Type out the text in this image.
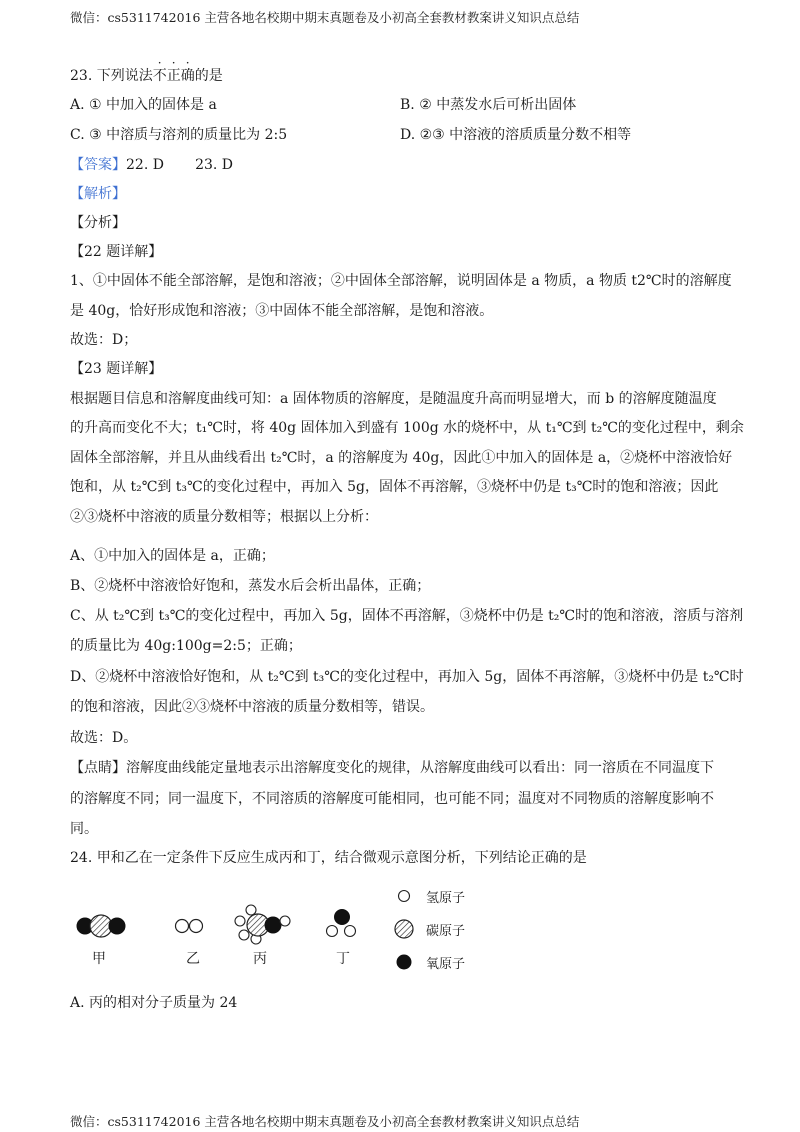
微信：cs5311742016 主营各地名校期中期末真题卷及小初高全套教材教案讲义知识点总结
23. 下列说法
·
不
·
正
·
确的是
A. ① 中加入的固体是 a	B. ② 中蒸发水后可析出固体
C. ③ 中溶质与溶剂的质量比为 2:5	D. ②③ 中溶液的溶质质量分数不相等
【答案】22. D       23. D
【解析】
【分析】
【22 题详解】
1、①中固体不能全部溶解，是饱和溶液；②中固体全部溶解，说明固体是 a 物质，a 物质 t2℃时的溶解度
是 40g，恰好形成饱和溶液；③中固体不能全部溶解，是饱和溶液。
故选：D；
【23 题详解】
根据题目信息和溶解度曲线可知：a 固体物质的溶解度，是随温度升高而明显增大，而 b 的溶解度随温度
的升高而变化不大；t₁℃时，将 40g 固体加入到盛有 100g 水的烧杯中，从 t₁℃到 t₂℃的变化过程中，剩余
固体全部溶解，并且从曲线看出 t₂℃时，a 的溶解度为 40g，因此①中加入的固体是 a，②烧杯中溶液恰好
饱和，从 t₂℃到 t₃℃的变化过程中，再加入 5g，固体不再溶解，③烧杯中仍是 t₃℃时的饱和溶液；因此
②③烧杯中溶液的质量分数相等；根据以上分析：
A、①中加入的固体是 a，正确；
B、②烧杯中溶液恰好饱和，蒸发水后会析出晶体，正确；
C、从 t₂℃到 t₃℃的变化过程中，再加入 5g，固体不再溶解，③烧杯中仍是 t₂℃时的饱和溶液，溶质与溶剂
的质量比为 40g:100g=2:5；正确；
D、②烧杯中溶液恰好饱和，从 t₂℃到 t₃℃的变化过程中，再加入 5g，固体不再溶解，③烧杯中仍是 t₂℃时
的饱和溶液，因此②③烧杯中溶液的质量分数相等，错误。
故选：D。
【点睛】溶解度曲线能定量地表示出溶解度变化的规律，从溶解度曲线可以看出：同一溶质在不同温度下
的溶解度不同；同一温度下，不同溶质的溶解度可能相同，也可能不同；温度对不同物质的溶解度影响不
同。
24. 甲和乙在一定条件下反应生成丙和丁，结合微观示意图分析，下列结论正确的是
甲	乙	丙	丁
氢原子
碳原子
氧原子
A. 丙的相对分子质量为 24
微信：cs5311742016 主营各地名校期中期末真题卷及小初高全套教材教案讲义知识点总结
